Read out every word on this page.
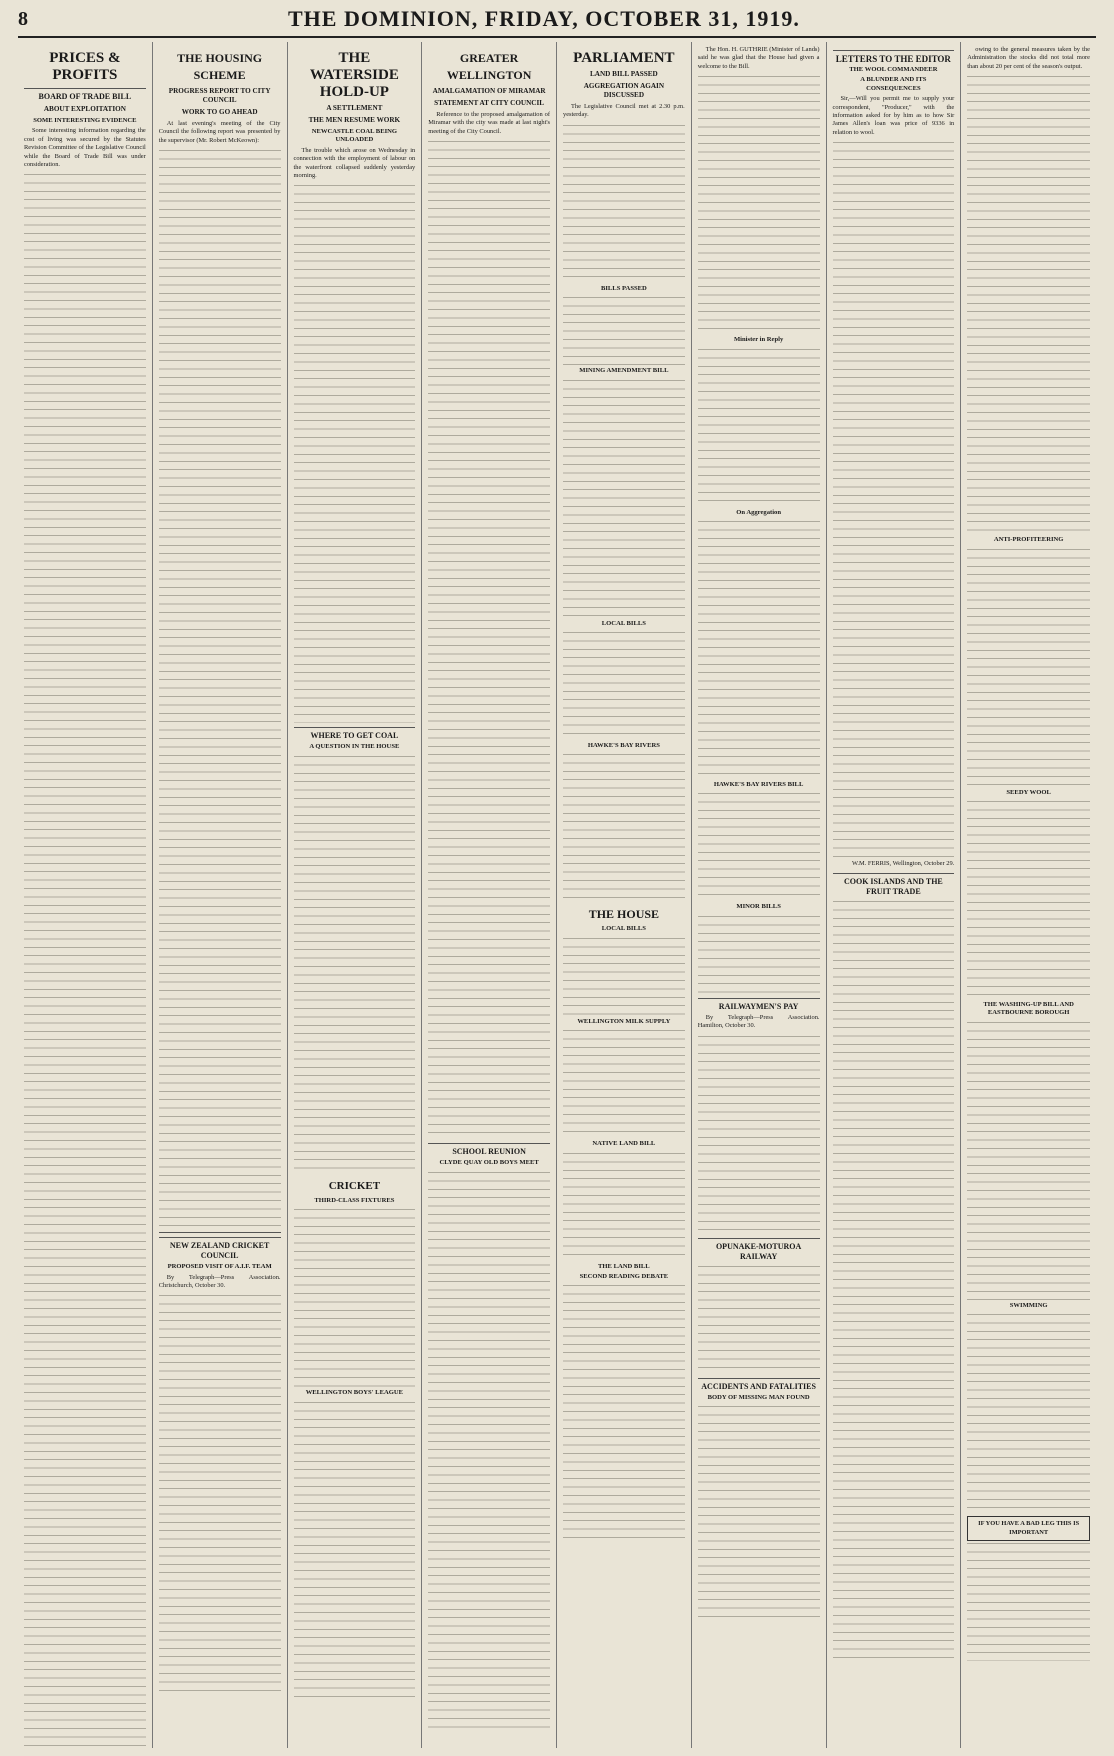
8	THE DOMINION, FRIDAY, OCTOBER 31, 1919.
PRICES & PROFITS
BOARD OF TRADE BILL
ABOUT EXPLOITATION
SOME INTERESTING EVIDENCE

Some interesting information regarding the cost of living was secured by the Statutes Revision Committee of the Legislative Council while the Board of Trade Bill was under consideration.

THE HOUSING SCHEME
PROGRESS REPORT TO CITY COUNCIL
WORK TO GO AHEAD

At last evening's meeting of the City Council the following report was presented by the supervisor (Mr. Robert McKeown):

NEW ZEALAND CRICKET COUNCIL
PROPOSED VISIT OF A.I.F. TEAM

By Telegraph—Press Association. Christchurch, October 30.

THE WATERSIDE HOLD-UP
A SETTLEMENT
THE MEN RESUME WORK
NEWCASTLE COAL BEING UNLOADED

The trouble which arose on Wednesday in connection with the employment of labour on the waterfront collapsed suddenly yesterday morning.

WHERE TO GET COAL
A QUESTION IN THE HOUSE
CRICKET
THIRD-CLASS FIXTURES
WELLINGTON BOYS' LEAGUE
GREATER WELLINGTON
AMALGAMATION OF MIRAMAR
STATEMENT AT CITY COUNCIL

Reference to the proposed amalgamation of Miramar with the city was made at last night's meeting of the City Council.

SCHOOL REUNION
CLYDE QUAY OLD BOYS MEET
PARLIAMENT
LAND BILL PASSED
AGGREGATION AGAIN DISCUSSED

The Legislative Council met at 2.30 p.m. yesterday.

BILLS PASSED
MINING AMENDMENT BILL
LOCAL BILLS
HAWKE'S BAY RIVERS
THE HOUSE
LOCAL BILLS
WELLINGTON MILK SUPPLY
NATIVE LAND BILL
THE LAND BILL
SECOND READING DEBATE

The Hon. H. GUTHRIE (Minister of Lands) said he was glad that the House had given a welcome to the Bill.

Minister in Reply
On Aggregation
HAWKE'S BAY RIVERS BILL
MINOR BILLS
RAILWAYMEN'S PAY

By Telegraph—Press Association. Hamilton, October 30.

OPUNAKE-MOTUROA RAILWAY
ACCIDENTS AND FATALITIES
BODY OF MISSING MAN FOUND
LETTERS TO THE EDITOR
THE WOOL COMMANDEER
A BLUNDER AND ITS CONSEQUENCES

Sir,—Will you permit me to supply your correspondent, "Producer," with the information asked for by him as to how Sir James Allen's loan was price of 9336 in relation to wool.

W.M. FERRIS, Wellington, October 29.

COOK ISLANDS AND THE FRUIT TRADE

owing to the general measures taken by the Administration the stocks did not total more than about 20 per cent of the season's output.

ANTI-PROFITEERING
SEEDY WOOL
THE WASHING-UP BILL AND EASTBOURNE BOROUGH
SWIMMING
IF YOU HAVE A BAD LEG THIS IS IMPORTANT
